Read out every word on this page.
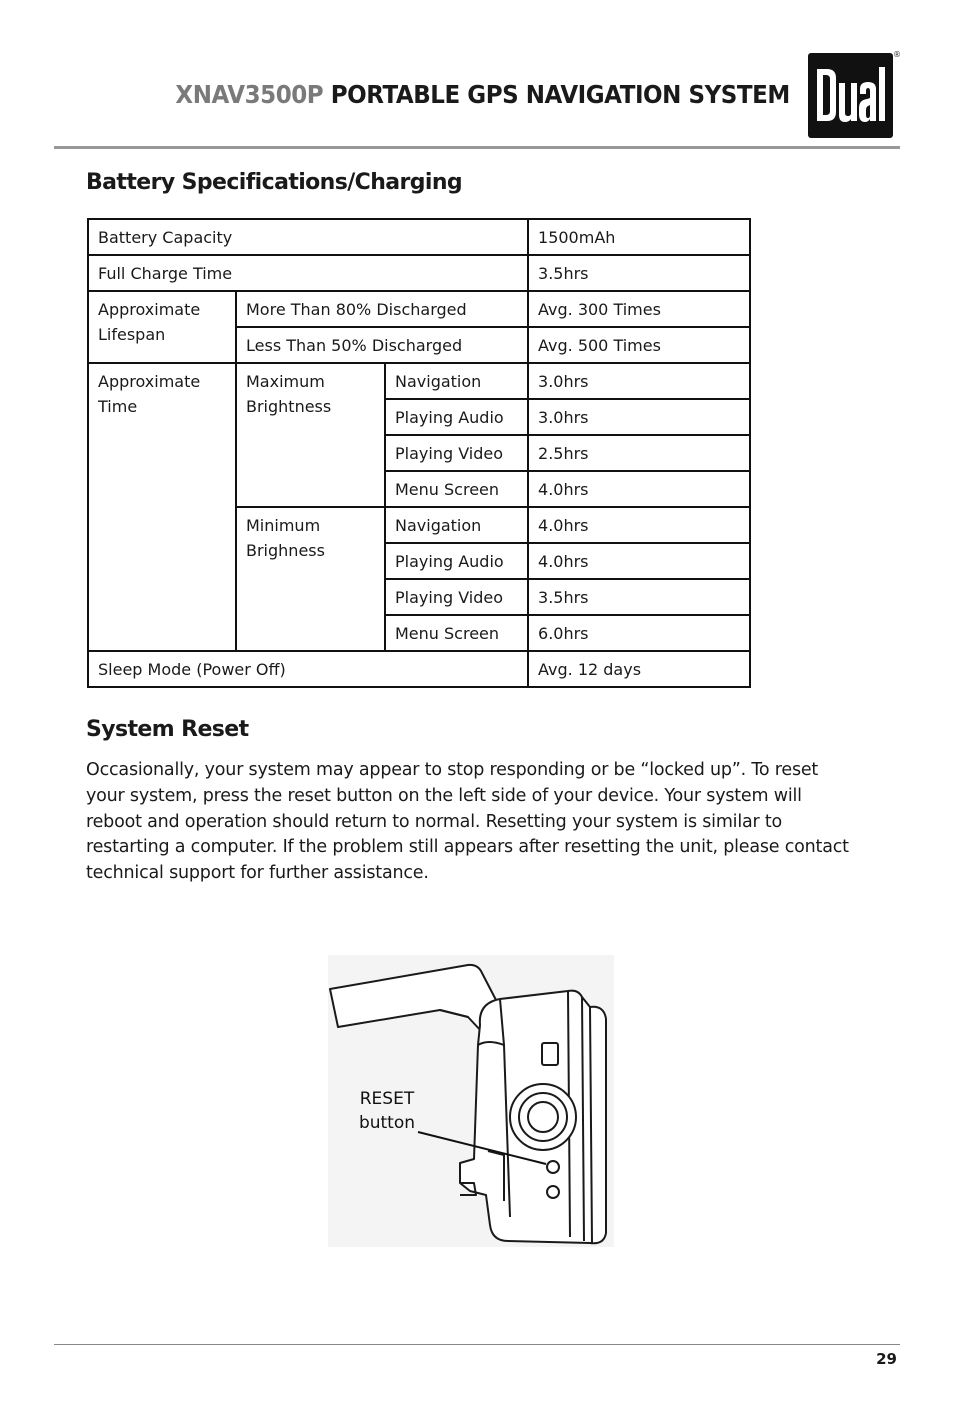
XNAV3500P PORTABLE GPS NAVIGATION SYSTEM
®
Battery Specifications/Charging
Battery Capacity			1500mAh
Full Charge Time			3.5hrs
Approximate Lifespan	More Than 80% Discharged		Avg. 300 Times
	Less Than 50% Discharged		Avg. 500 Times
Approximate Time	Maximum Brightness	Navigation	3.0hrs
		Playing Audio	3.0hrs
		Playing Video	2.5hrs
		Menu Screen	4.0hrs
	Minimum Brighness	Navigation	4.0hrs
		Playing Audio	4.0hrs
		Playing Video	3.5hrs
		Menu Screen	6.0hrs
Sleep Mode (Power Off)			Avg. 12 days
System Reset

Occasionally, your system may appear to stop responding or be “locked up”. To reset your system, press the reset button on the left side of your device. Your system will reboot and operation should return to normal. Resetting your system is similar to restarting a computer. If the problem still appears after resetting the unit, please contact technical support for further assistance.

RESET
button
29
